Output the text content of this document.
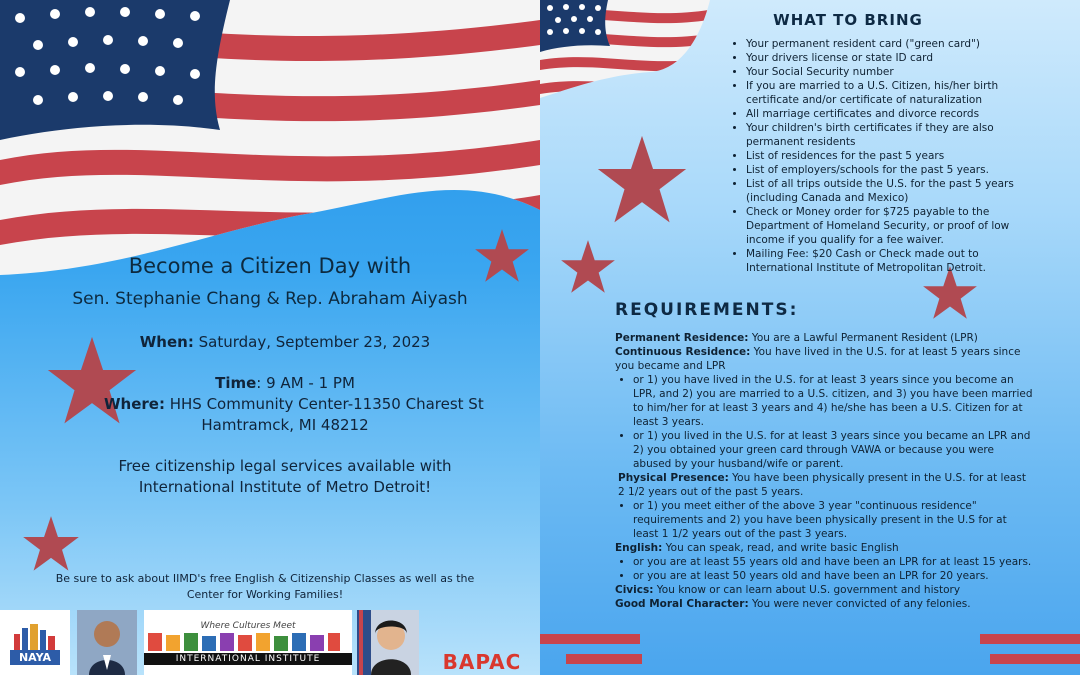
Become a Citizen Day with
Sen. Stephanie Chang & Rep. Abraham Aiyash
When: Saturday, September 23, 2023
Time: 9 AM - 1 PM
Where: HHS Community Center-11350 Charest St
Hamtramck, MI 48212
Free citizenship legal services available with
International Institute of Metro Detroit!
Be sure to ask about IIMD's free English & Citizenship Classes as well as the
Center for Working Families!
NAYA
Where Cultures Meet
INTERNATIONAL INSTITUTE	BAPAC
WHAT TO BRING
• Your permanent resident card ("green card")
• Your drivers license or state ID card
• Your Social Security number
• If you are married to a U.S. Citizen, his/her birth certificate and/or certificate of naturalization
• All marriage certificates and divorce records
• Your children's birth certificates if they are also permanent residents
• List of residences for the past 5 years
• List of employers/schools for the past 5 years.
• List of all trips outside the U.S. for the past 5 years (including Canada and Mexico)
• Check or Money order for $725 payable to the Department of Homeland Security, or proof of low income if you qualify for a fee waiver.
• Mailing Fee: $20 Cash or Check made out to International Institute of Metropolitan Detroit.
REQUIREMENTS:
Permanent Residence: You are a Lawful Permanent Resident (LPR)
Continuous Residence: You have lived in the U.S. for at least 5 years since you became and LPR
• or 1) you have lived in the U.S. for at least 3 years since you become an LPR, and 2) you are married to a U.S. citizen, and 3) you have been married to him/her for at least 3 years and 4) he/she has been a U.S. Citizen for at least 3 years.
• or 1) you lived in the U.S. for at least 3 years since you became an LPR and 2) you obtained your green card through VAWA or because you were abused by your husband/wife or parent.
Physical Presence: You have been physically present in the U.S. for at least 2 1/2 years out of the past 5 years.
• or 1) you meet either of the above 3 year "continuous residence" requirements and 2) you have been physically present in the U.S for at least 1 1/2 years out of the past 3 years.
English: You can speak, read, and write basic English
• or you are at least 55 years old and have been an LPR for at least 15 years.
• or you are at least 50 years old and have been an LPR for 20 years.
Civics: You know or can learn about U.S. government and history
Good Moral Character: You were never convicted of any felonies.
